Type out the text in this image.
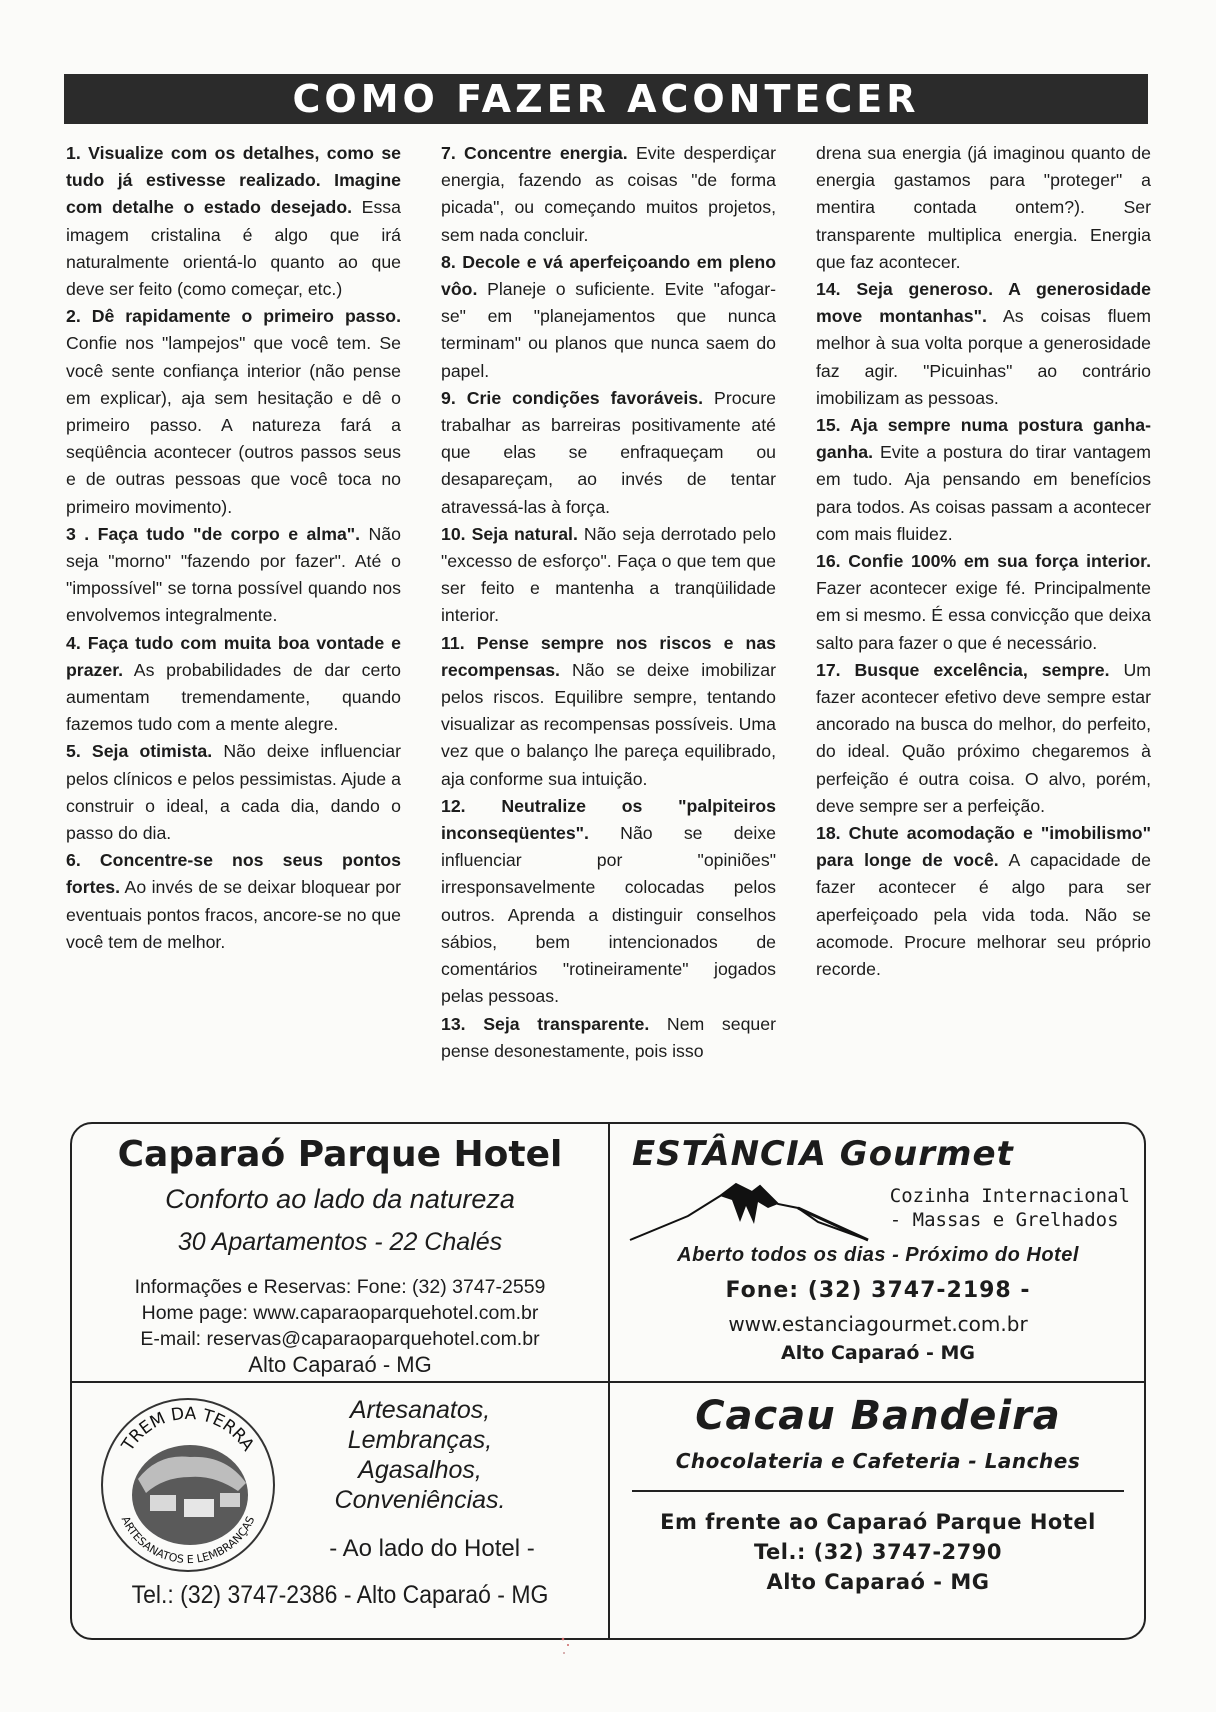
COMO FAZER ACONTECER

1. Visualize com os detalhes, como se tudo já estivesse realizado. Imagine com detalhe o estado desejado. Essa imagem cristalina é algo que irá naturalmente orientá-lo quanto ao que deve ser feito (como começar, etc.)

2. Dê rapidamente o primeiro passo. Confie nos "lampejos" que você tem. Se você sente confiança interior (não pense em explicar), aja sem hesitação e dê o primeiro passo. A natureza fará a seqüência acontecer (outros passos seus e de outras pessoas que você toca no primeiro movimento).

3 . Faça tudo "de corpo e alma". Não seja "morno" "fazendo por fazer". Até o "impossível" se torna possível quando nos envolvemos integralmente.

4. Faça tudo com muita boa vontade e prazer. As probabilidades de dar certo aumentam tremendamente, quando fazemos tudo com a mente alegre.

5. Seja otimista. Não deixe influenciar pelos clínicos e pelos pessimistas. Ajude a construir o ideal, a cada dia, dando o passo do dia.

6. Concentre-se nos seus pontos fortes. Ao invés de se deixar bloquear por eventuais pontos fracos, ancore-se no que você tem de melhor.

7. Concentre energia. Evite desperdiçar energia, fazendo as coisas "de forma picada", ou começando muitos projetos, sem nada concluir.

8. Decole e vá aperfeiçoando em pleno vôo. Planeje o suficiente. Evite "afogar-se" em "planejamentos que nunca terminam" ou planos que nunca saem do papel.

9. Crie condições favoráveis. Procure trabalhar as barreiras positivamente até que elas se enfraqueçam ou desapareçam, ao invés de tentar atravessá-las à força.

10. Seja natural. Não seja derrotado pelo "excesso de esforço". Faça o que tem que ser feito e mantenha a tranqüilidade interior.

11. Pense sempre nos riscos e nas recompensas. Não se deixe imobilizar pelos riscos. Equilibre sempre, tentando visualizar as recompensas possíveis. Uma vez que o balanço lhe pareça equilibrado, aja conforme sua intuição.

12. Neutralize os "palpiteiros inconseqüentes". Não se deixe influenciar por "opiniões" irresponsavelmente colocadas pelos outros. Aprenda a distinguir conselhos sábios, bem intencionados de comentários "rotineiramente" jogados pelas pessoas.

13. Seja transparente. Nem sequer pense desonestamente, pois isso

drena sua energia (já imaginou quanto de energia gastamos para "proteger" a mentira contada ontem?). Ser transparente multiplica energia. Energia que faz acontecer.

14. Seja generoso. A generosidade move montanhas". As coisas fluem melhor à sua volta porque a generosidade faz agir. "Picuinhas" ao contrário imobilizam as pessoas.

15. Aja sempre numa postura ganha-ganha. Evite a postura do tirar vantagem em tudo. Aja pensando em benefícios para todos. As coisas passam a acontecer com mais fluidez.

16. Confie 100% em sua força interior. Fazer acontecer exige fé. Principalmente em si mesmo. É essa convicção que deixa salto para fazer o que é necessário.

17. Busque excelência, sempre. Um fazer acontecer efetivo deve sempre estar ancorado na busca do melhor, do perfeito, do ideal. Quão próximo chegaremos à perfeição é outra coisa. O alvo, porém, deve sempre ser a perfeição.

18. Chute acomodação e "imobilismo" para longe de você. A capacidade de fazer acontecer é algo para ser aperfeiçoado pela vida toda. Não se acomode. Procure melhorar seu próprio recorde.

Caparaó Parque Hotel
Conforto ao lado da natureza
30 Apartamentos - 22 Chalés
Informações e Reservas: Fone: (32) 3747-2559
Home page: www.caparaoparquehotel.com.br
E-mail: reservas@caparaoparquehotel.com.br
Alto Caparaó - MG
ESTÂNCIA Gourmet
Cozinha Internacional
- Massas e Grelhados
Aberto todos os dias - Próximo do Hotel
Fone: (32) 3747-2198 -
www.estanciagourmet.com.br
Alto Caparaó - MG
TREM DA TERRA
ARTESANATOS E LEMBRANÇAS
Artesanatos,
Lembranças,
Agasalhos,
Conveniências.
- Ao lado do Hotel -
Tel.: (32) 3747-2386 - Alto Caparaó - MG
Cacau Bandeira
Chocolateria e Cafeteria - Lanches
Em frente ao Caparaó Parque Hotel
Tel.: (32) 3747-2790
Alto Caparaó - MG
